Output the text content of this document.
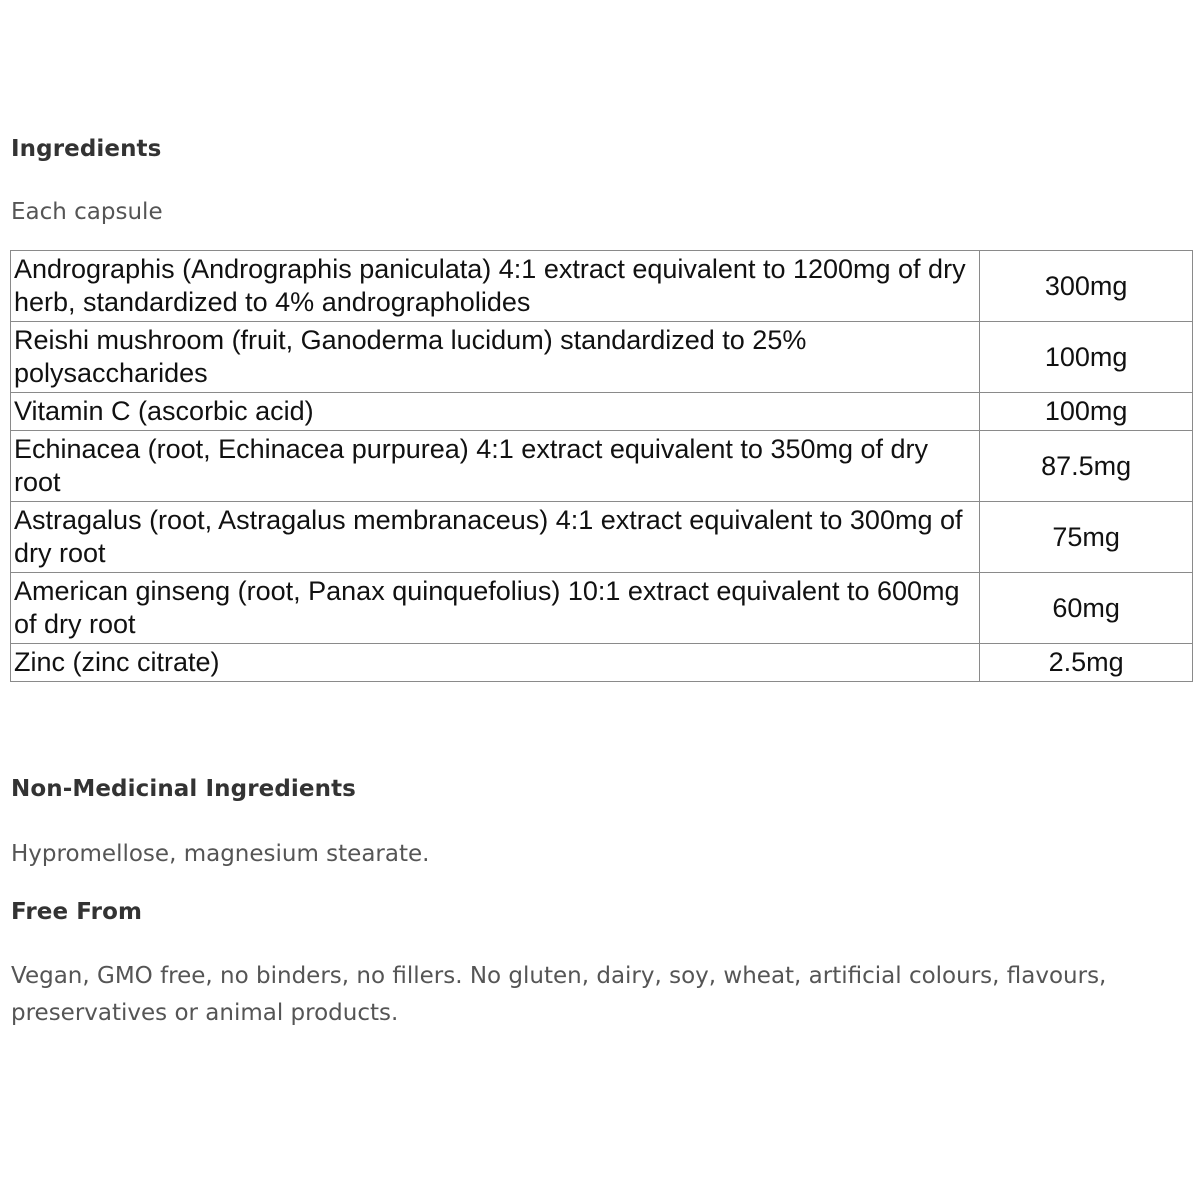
Ingredients

Each capsule

Andrographis (Andrographis paniculata) 4:1 extract equivalent to 1200mg of dry herb, standardized to 4% andrographolides	300mg
Reishi mushroom (fruit, Ganoderma lucidum) standardized to 25% polysaccharides	100mg
Vitamin C (ascorbic acid)	100mg
Echinacea (root, Echinacea purpurea) 4:1 extract equivalent to 350mg of dry root	87.5mg
Astragalus (root, Astragalus membranaceus) 4:1 extract equivalent to 300mg of dry root	75mg
American ginseng (root, Panax quinquefolius) 10:1 extract equivalent to 600mg of dry root	60mg
Zinc (zinc citrate)	2.5mg
Non-Medicinal Ingredients

Hypromellose, magnesium stearate.

Free From

Vegan, GMO free, no binders, no fillers. No gluten, dairy, soy, wheat, artificial colours, flavours, preservatives or animal products.
